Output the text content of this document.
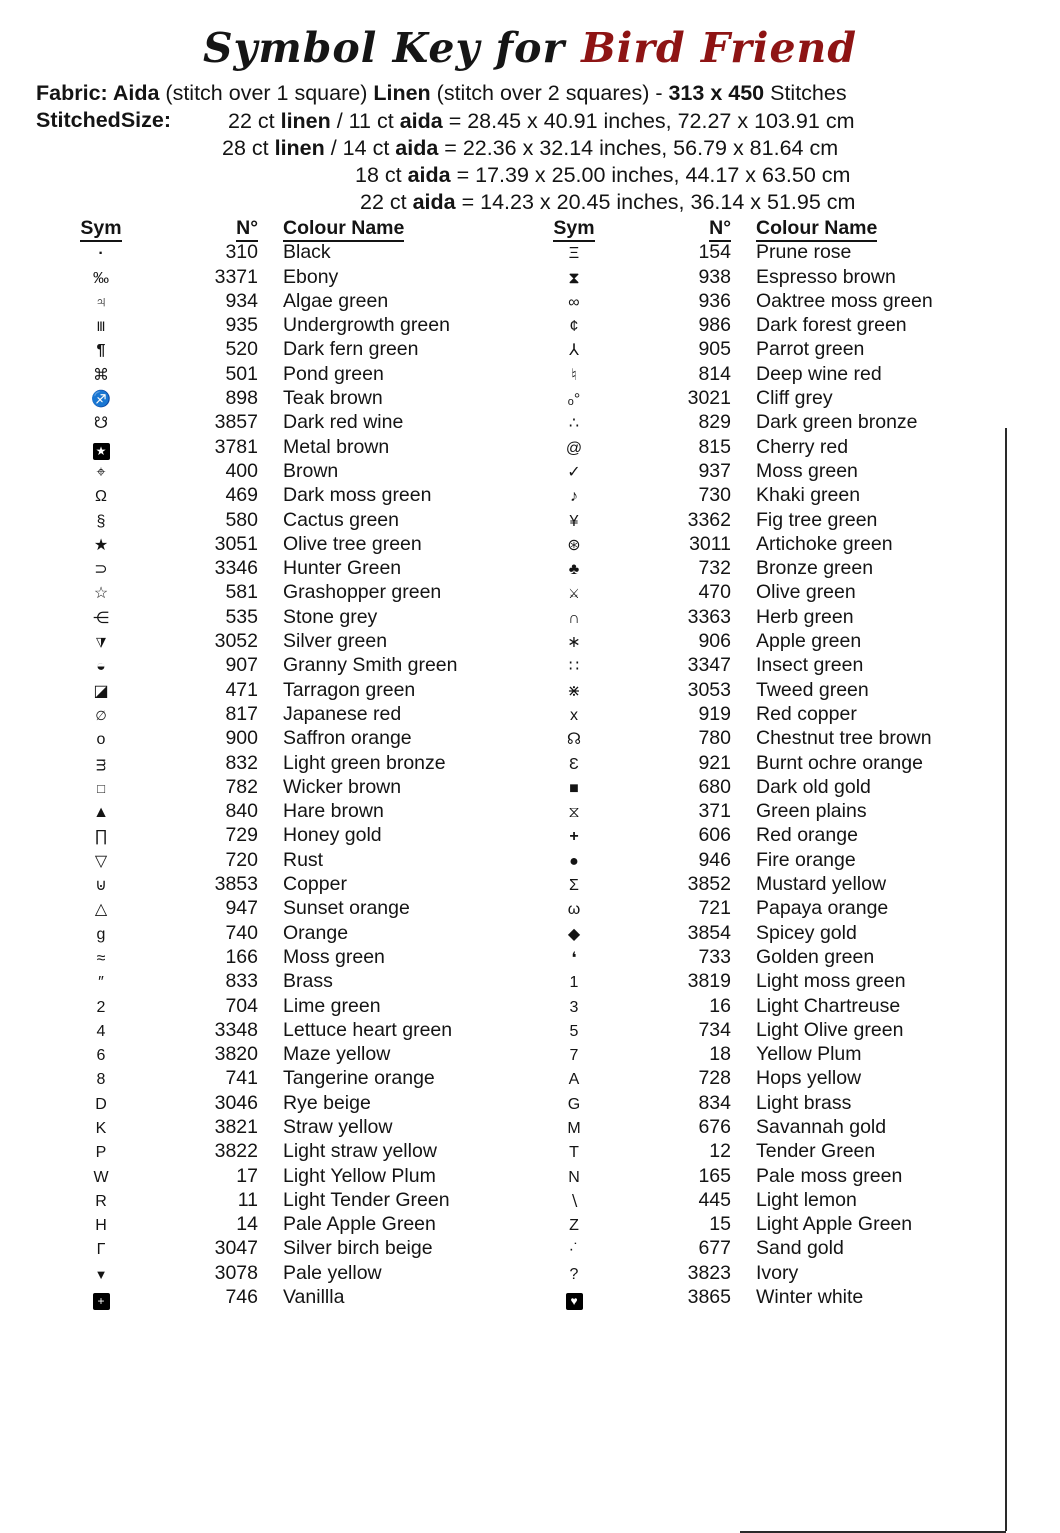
Symbol Key for Bird Friend
Fabric: Aida (stitch over 1 square) Linen (stitch over 2 squares) - 313 x 450 Stitches
StitchedSize:	22 ct linen / 11 ct aida = 28.45 x 40.91 inches, 72.27 x 103.91 cm
28 ct linen / 14 ct aida = 22.36 x 32.14 inches, 56.79 x 81.64 cm
18 ct aida = 17.39 x 25.00 inches, 44.17 x 63.50 cm
22 ct aida = 14.23 x 20.45 inches, 36.14 x 51.95 cm
Sym	N° Colour Name
·	310 Black
‰	3371 Ebony
♃	934 Algae green
Ⅲ	935 Undergrowth green
¶	520 Dark fern green
⌘	501 Pond green
♐	898 Teak brown
☋	3857 Dark red wine
★	3781 Metal brown
⌖	400 Brown
Ω	469 Dark moss green
§	580 Cactus green
★	3051 Olive tree green
⊃	3346 Hunter Green
☆	581 Grashopper green
⋲	535 Stone grey
◭	3052 Silver green
◒	907 Granny Smith green
◪	471 Tarragon green
∅	817 Japanese red
o	900 Saffron orange
ᴟ	832 Light green bronze
□	782 Wicker brown
▲	840 Hare brown
∏	729 Honey gold
▽	720 Rust
⊍	3853 Copper
△	947 Sunset orange
g	740 Orange
≈	166 Moss green
″	833 Brass
2	704 Lime green
4	3348 Lettuce heart green
6	3820 Maze yellow
8	741 Tangerine orange
D	3046 Rye beige
K	3821 Straw yellow
P	3822 Light straw yellow
W	17 Light Yellow Plum
R	11 Light Tender Green
H	14 Pale Apple Green
Γ	3047 Silver birch beige
▼	3078 Pale yellow
+	746 Vanillla
Sym	N° Colour Name
Ξ	154 Prune rose
⧗	938 Espresso brown
∞	936 Oaktree moss green
¢	986 Dark forest green
⅄	905 Parrot green
♮	814 Deep wine red
ₒ°	3021 Cliff grey
∴	829 Dark green bronze
@	815 Cherry red
✓	937 Moss green
♪	730 Khaki green
¥	3362 Fig tree green
⊛	3011 Artichoke green
♣	732 Bronze green
⚔	470 Olive green
∩	3363 Herb green
∗	906 Apple green
∷	3347 Insect green
⋇	3053 Tweed green
x	919 Red copper
☊	780 Chestnut tree brown
Ɛ	921 Burnt ochre orange
■	680 Dark old gold
⧖	371 Green plains
+	606 Red orange
●	946 Fire orange
Σ	3852 Mustard yellow
ω	721 Papaya orange
◆	3854 Spicey gold
❛	733 Golden green
1	3819 Light moss green
3	16 Light Chartreuse
5	734 Light Olive green
7	18 Yellow Plum
A	728 Hops yellow
G	834 Light brass
M	676 Savannah gold
T	12 Tender Green
N	165 Pale moss green
∖	445 Light lemon
Z	15 Light Apple Green
∙˙	677 Sand gold
?	3823 Ivory
♥	3865 Winter white
